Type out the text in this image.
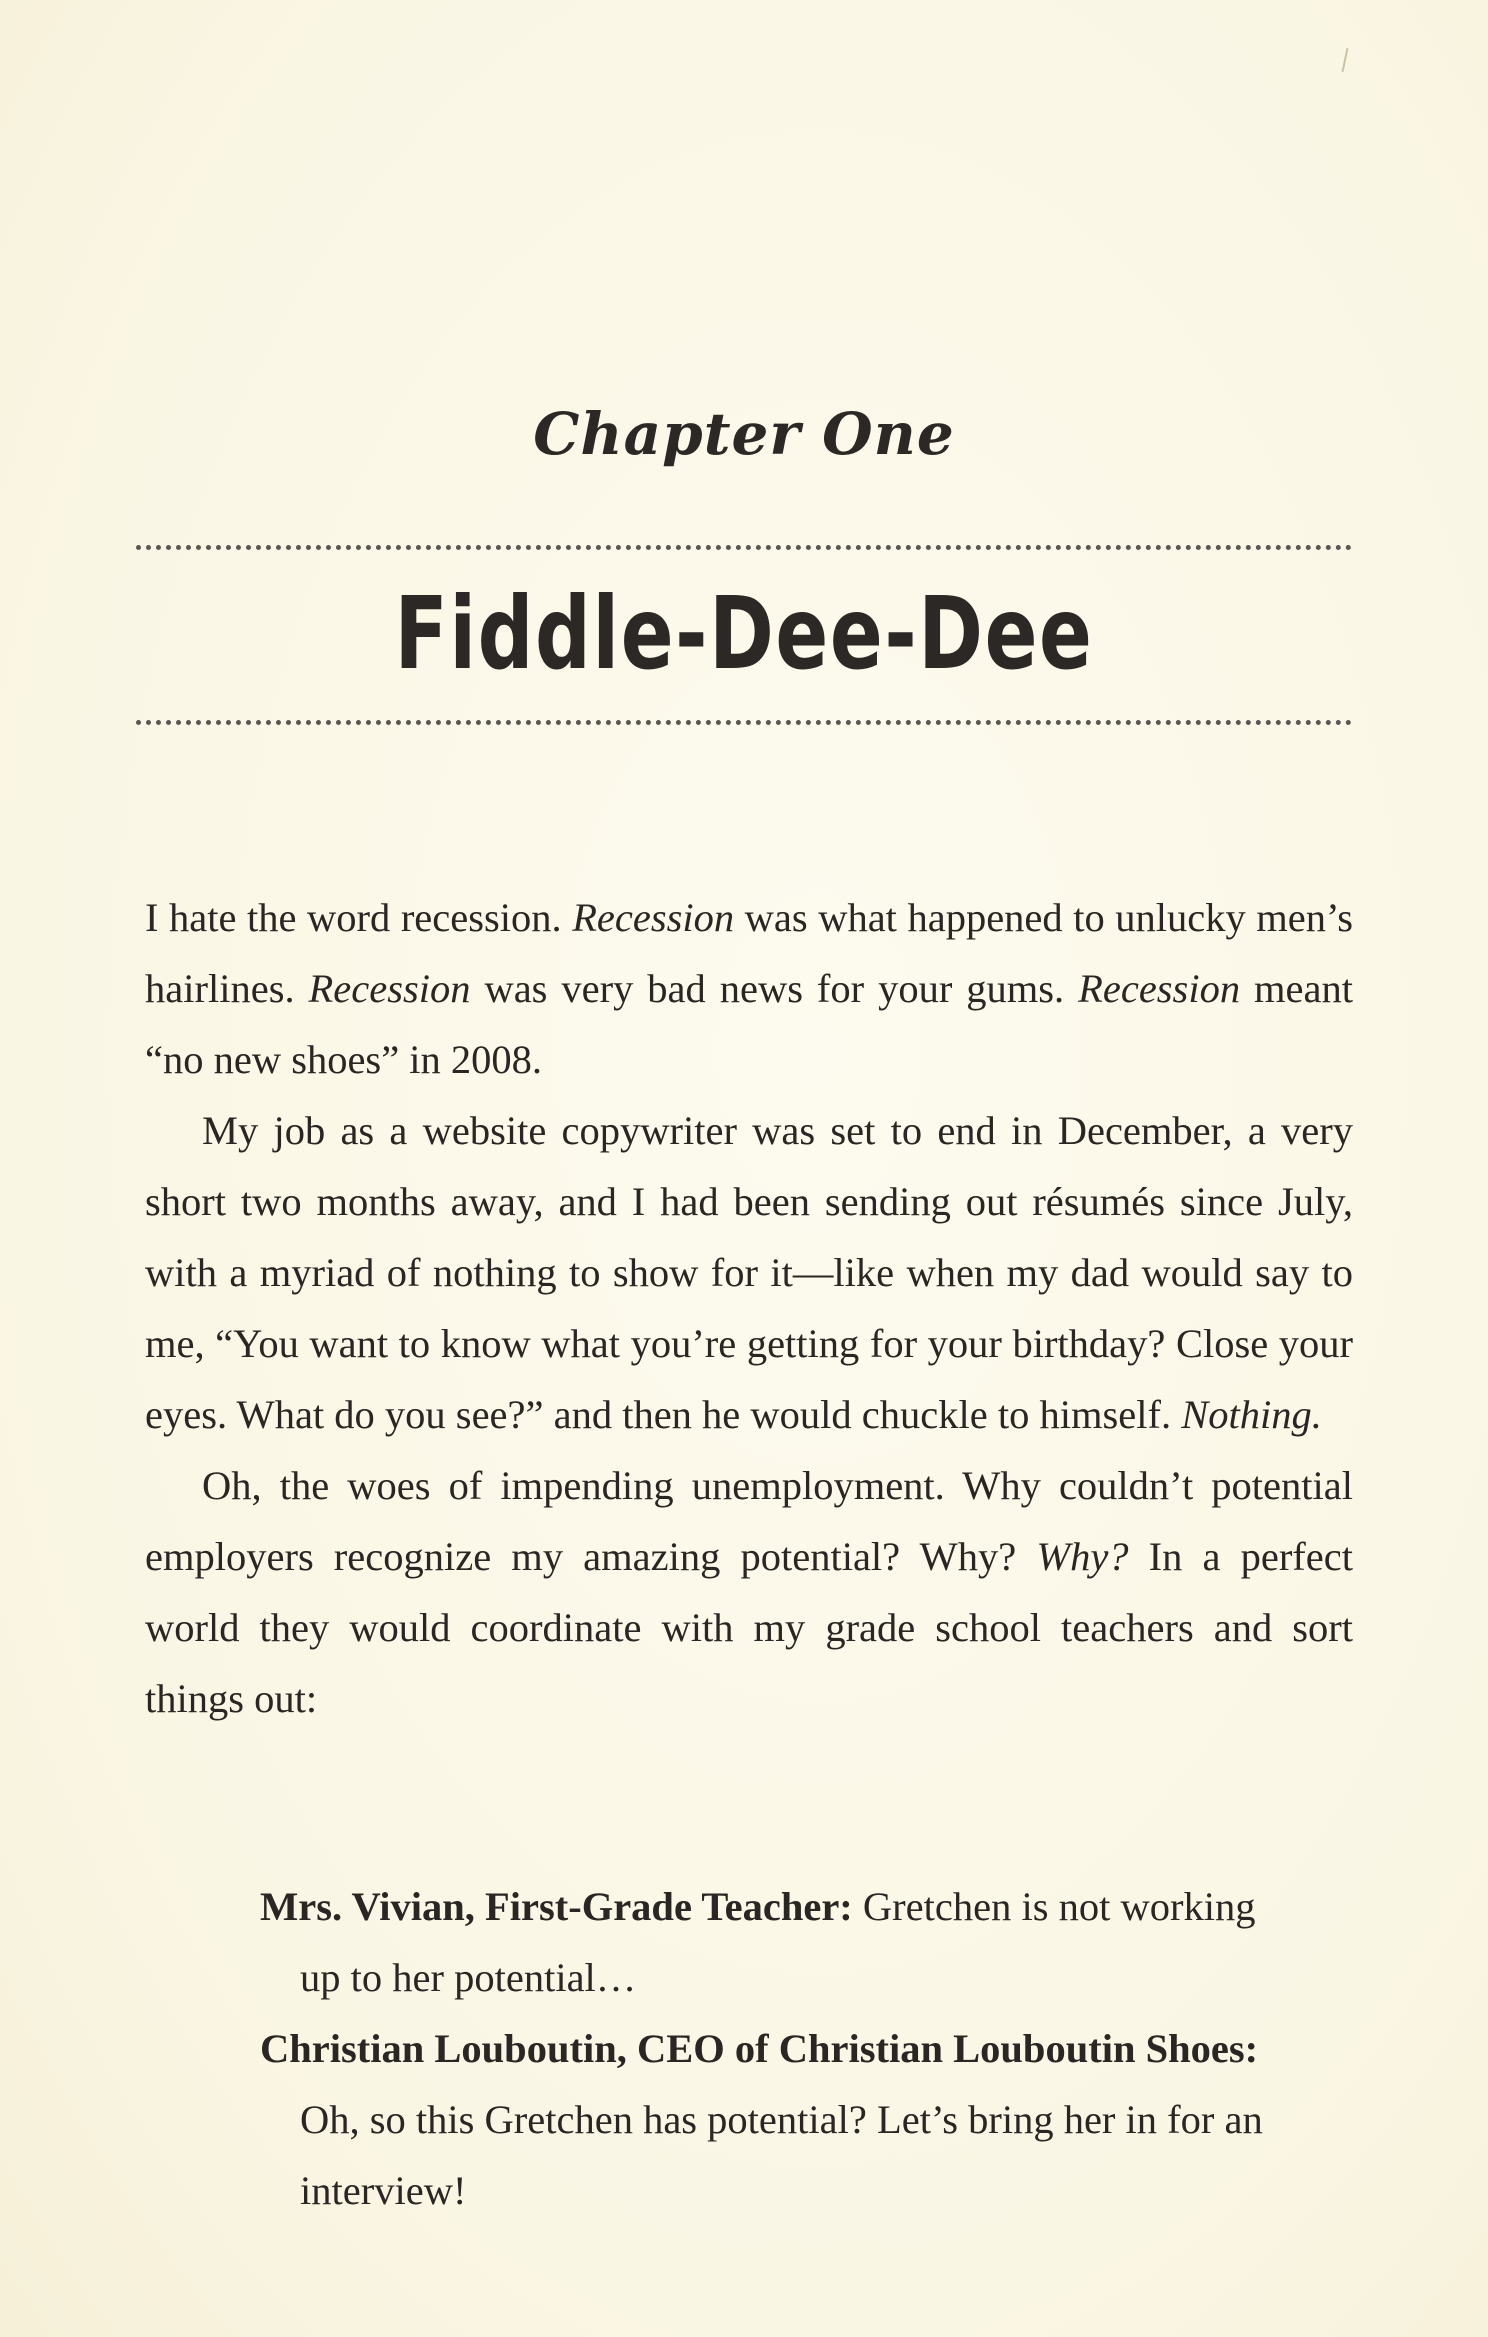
Chapter One
Fiddle-Dee-Dee

I hate the word recession. Recession was what happened to unlucky men’s hairlines. Recession was very bad news for your gums. Recession meant “no new shoes” in 2008.

My job as a website copywriter was set to end in December, a very short two months away, and I had been sending out résumés since July, with a myriad of nothing to show for it—like when my dad would say to me, “You want to know what you’re getting for your birthday? Close your eyes. What do you see?” and then he would chuckle to himself. Nothing.

Oh, the woes of impending unemployment. Why couldn’t potential employers recognize my amazing potential? Why? Why? In a perfect world they would coordinate with my grade school teachers and sort things out:

Mrs. Vivian, First-Grade Teacher: Gretchen is not working up to her potential…

Christian Louboutin, CEO of Christian Louboutin Shoes: Oh, so this Gretchen has potential? Let’s bring her in for an interview!
